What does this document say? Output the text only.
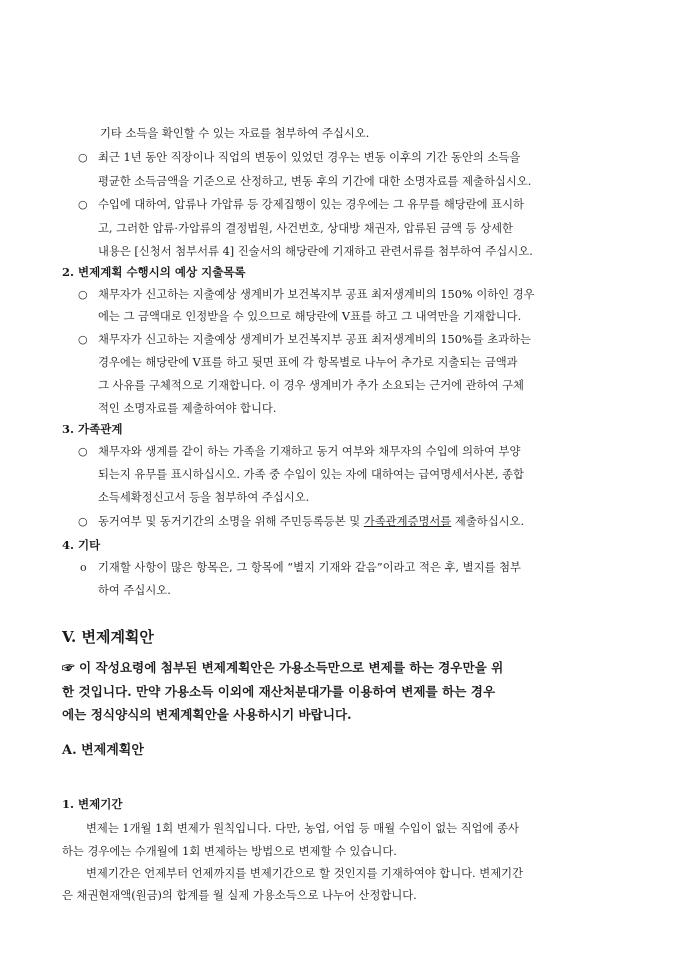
기타 소득을 확인할 수 있는 자료를 첨부하여 주십시오.
○ 최근 1년 동안 직장이나 직업의 변동이 있었던 경우는 변동 이후의 기간 동안의 소득을
평균한 소득금액을 기준으로 산정하고, 변동 후의 기간에 대한 소명자료를 제출하십시오.
○ 수입에 대하여, 압류나 가압류 등 강제집행이 있는 경우에는 그 유무를 해당란에 표시하
고, 그러한 압류·가압류의 결정법원, 사건번호, 상대방 채권자, 압류된 금액 등 상세한
내용은 [신청서 첨부서류 4] 진술서의 해당란에 기재하고 관련서류를 첨부하여 주십시오.
2. 변제계획 수행시의 예상 지출목록
○ 채무자가 신고하는 지출예상 생계비가 보건복지부 공표 최저생계비의 150% 이하인 경우
에는 그 금액대로 인정받을 수 있으므로 해당란에 V표를 하고 그 내역만을 기재합니다.
○ 채무자가 신고하는 지출예상 생계비가 보건복지부 공표 최저생계비의 150%를 초과하는
경우에는 해당란에 V표를 하고 뒷면 표에 각 항목별로 나누어 추가로 지출되는 금액과
그 사유를 구체적으로 기재합니다. 이 경우 생계비가 추가 소요되는 근거에 관하여 구체
적인 소명자료를 제출하여야 합니다.
3. 가족관계
○ 채무자와 생계를 같이 하는 가족을 기재하고 동거 여부와 채무자의 수입에 의하여 부양
되는지 유무를 표시하십시오. 가족 중 수입이 있는 자에 대하여는 급여명세서사본, 종합
소득세확정신고서 등을 첨부하여 주십시오.
○ 동거여부 및 동거기간의 소명을 위해 주민등록등본 및 가족관계증명서를 제출하십시오.
4. 기타
o 기재할 사항이 많은 항목은, 그 항목에 “별지 기재와 같음”이라고 적은 후, 별지를 첨부
하여 주십시오.
V. 변제계획안
☞ 이 작성요령에 첨부된 변제계획안은 가용소득만으로 변제를 하는 경우만을 위
한 것입니다. 만약 가용소득 이외에 재산처분대가를 이용하여 변제를 하는 경우
에는 정식양식의 변제계획안을 사용하시기 바랍니다.
A. 변제계획안
1. 변제기간
변제는 1개월 1회 변제가 원칙입니다. 다만, 농업, 어업 등 매월 수입이 없는 직업에 종사
하는 경우에는 수개월에 1회 변제하는 방법으로 변제할 수 있습니다.
변제기간은 언제부터 언제까지를 변제기간으로 할 것인지를 기재하여야 합니다. 변제기간
은 채권현재액(원금)의 합계를 월 실제 가용소득으로 나누어 산정합니다.
